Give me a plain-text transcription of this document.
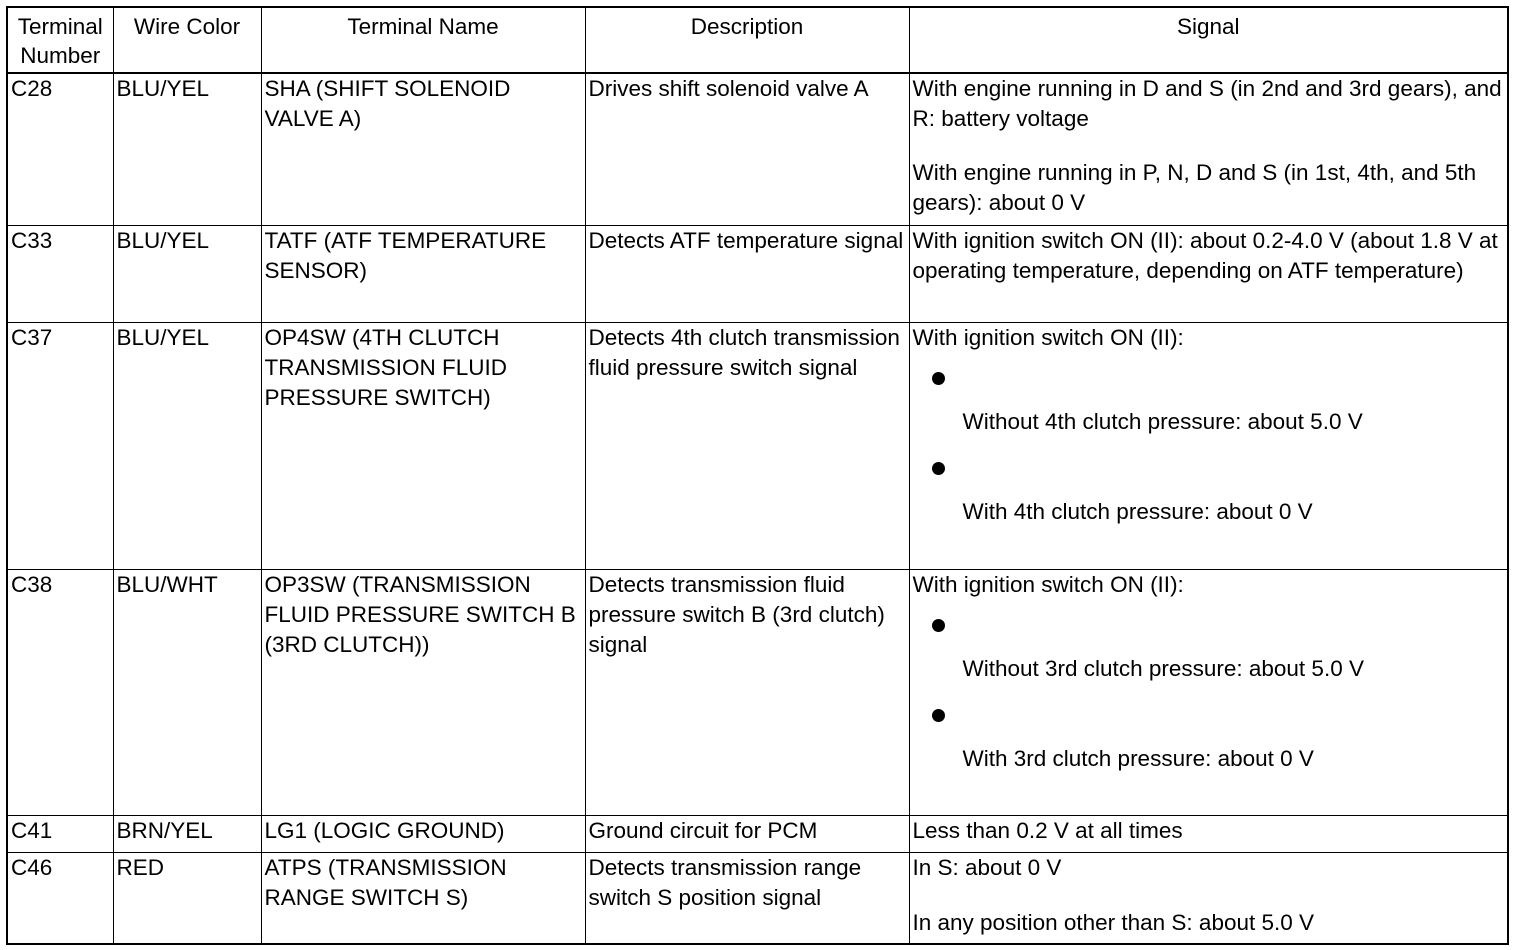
Terminal
Number	Wire Color	Terminal Name	Description	Signal
C28	BLU/YEL	SHA (SHIFT SOLENOID VALVE A)	Drives shift solenoid valve A	With engine running in D and S (in 2nd and 3rd gears), and R: battery voltage
With engine running in P, N, D and S (in 1st, 4th, and 5th gears): about 0 V

C33	BLU/YEL	TATF (ATF TEMPERATURE SENSOR)	Detects ATF temperature signal	With ignition switch ON (II): about 0.2-4.0 V (about 1.8 V at operating temperature, depending on ATF temperature)

C37	BLU/YEL	OP4SW (4TH CLUTCH TRANSMISSION FLUID PRESSURE SWITCH)	Detects 4th clutch transmission fluid pressure switch signal	With ignition switch ON (II):
Without 4th clutch pressure: about 5.0 V
With 4th clutch pressure: about 0 V

C38	BLU/WHT	OP3SW (TRANSMISSION FLUID PRESSURE SWITCH B (3RD CLUTCH))	Detects transmission fluid pressure switch B (3rd clutch) signal	With ignition switch ON (II):
Without 3rd clutch pressure: about 5.0 V
With 3rd clutch pressure: about 0 V

C41	BRN/YEL	LG1 (LOGIC GROUND)	Ground circuit for PCM	Less than 0.2 V at all times

C46	RED	ATPS (TRANSMISSION RANGE SWITCH S)	Detects transmission range switch S position signal	In S: about 0 V
In any position other than S: about 5.0 V
